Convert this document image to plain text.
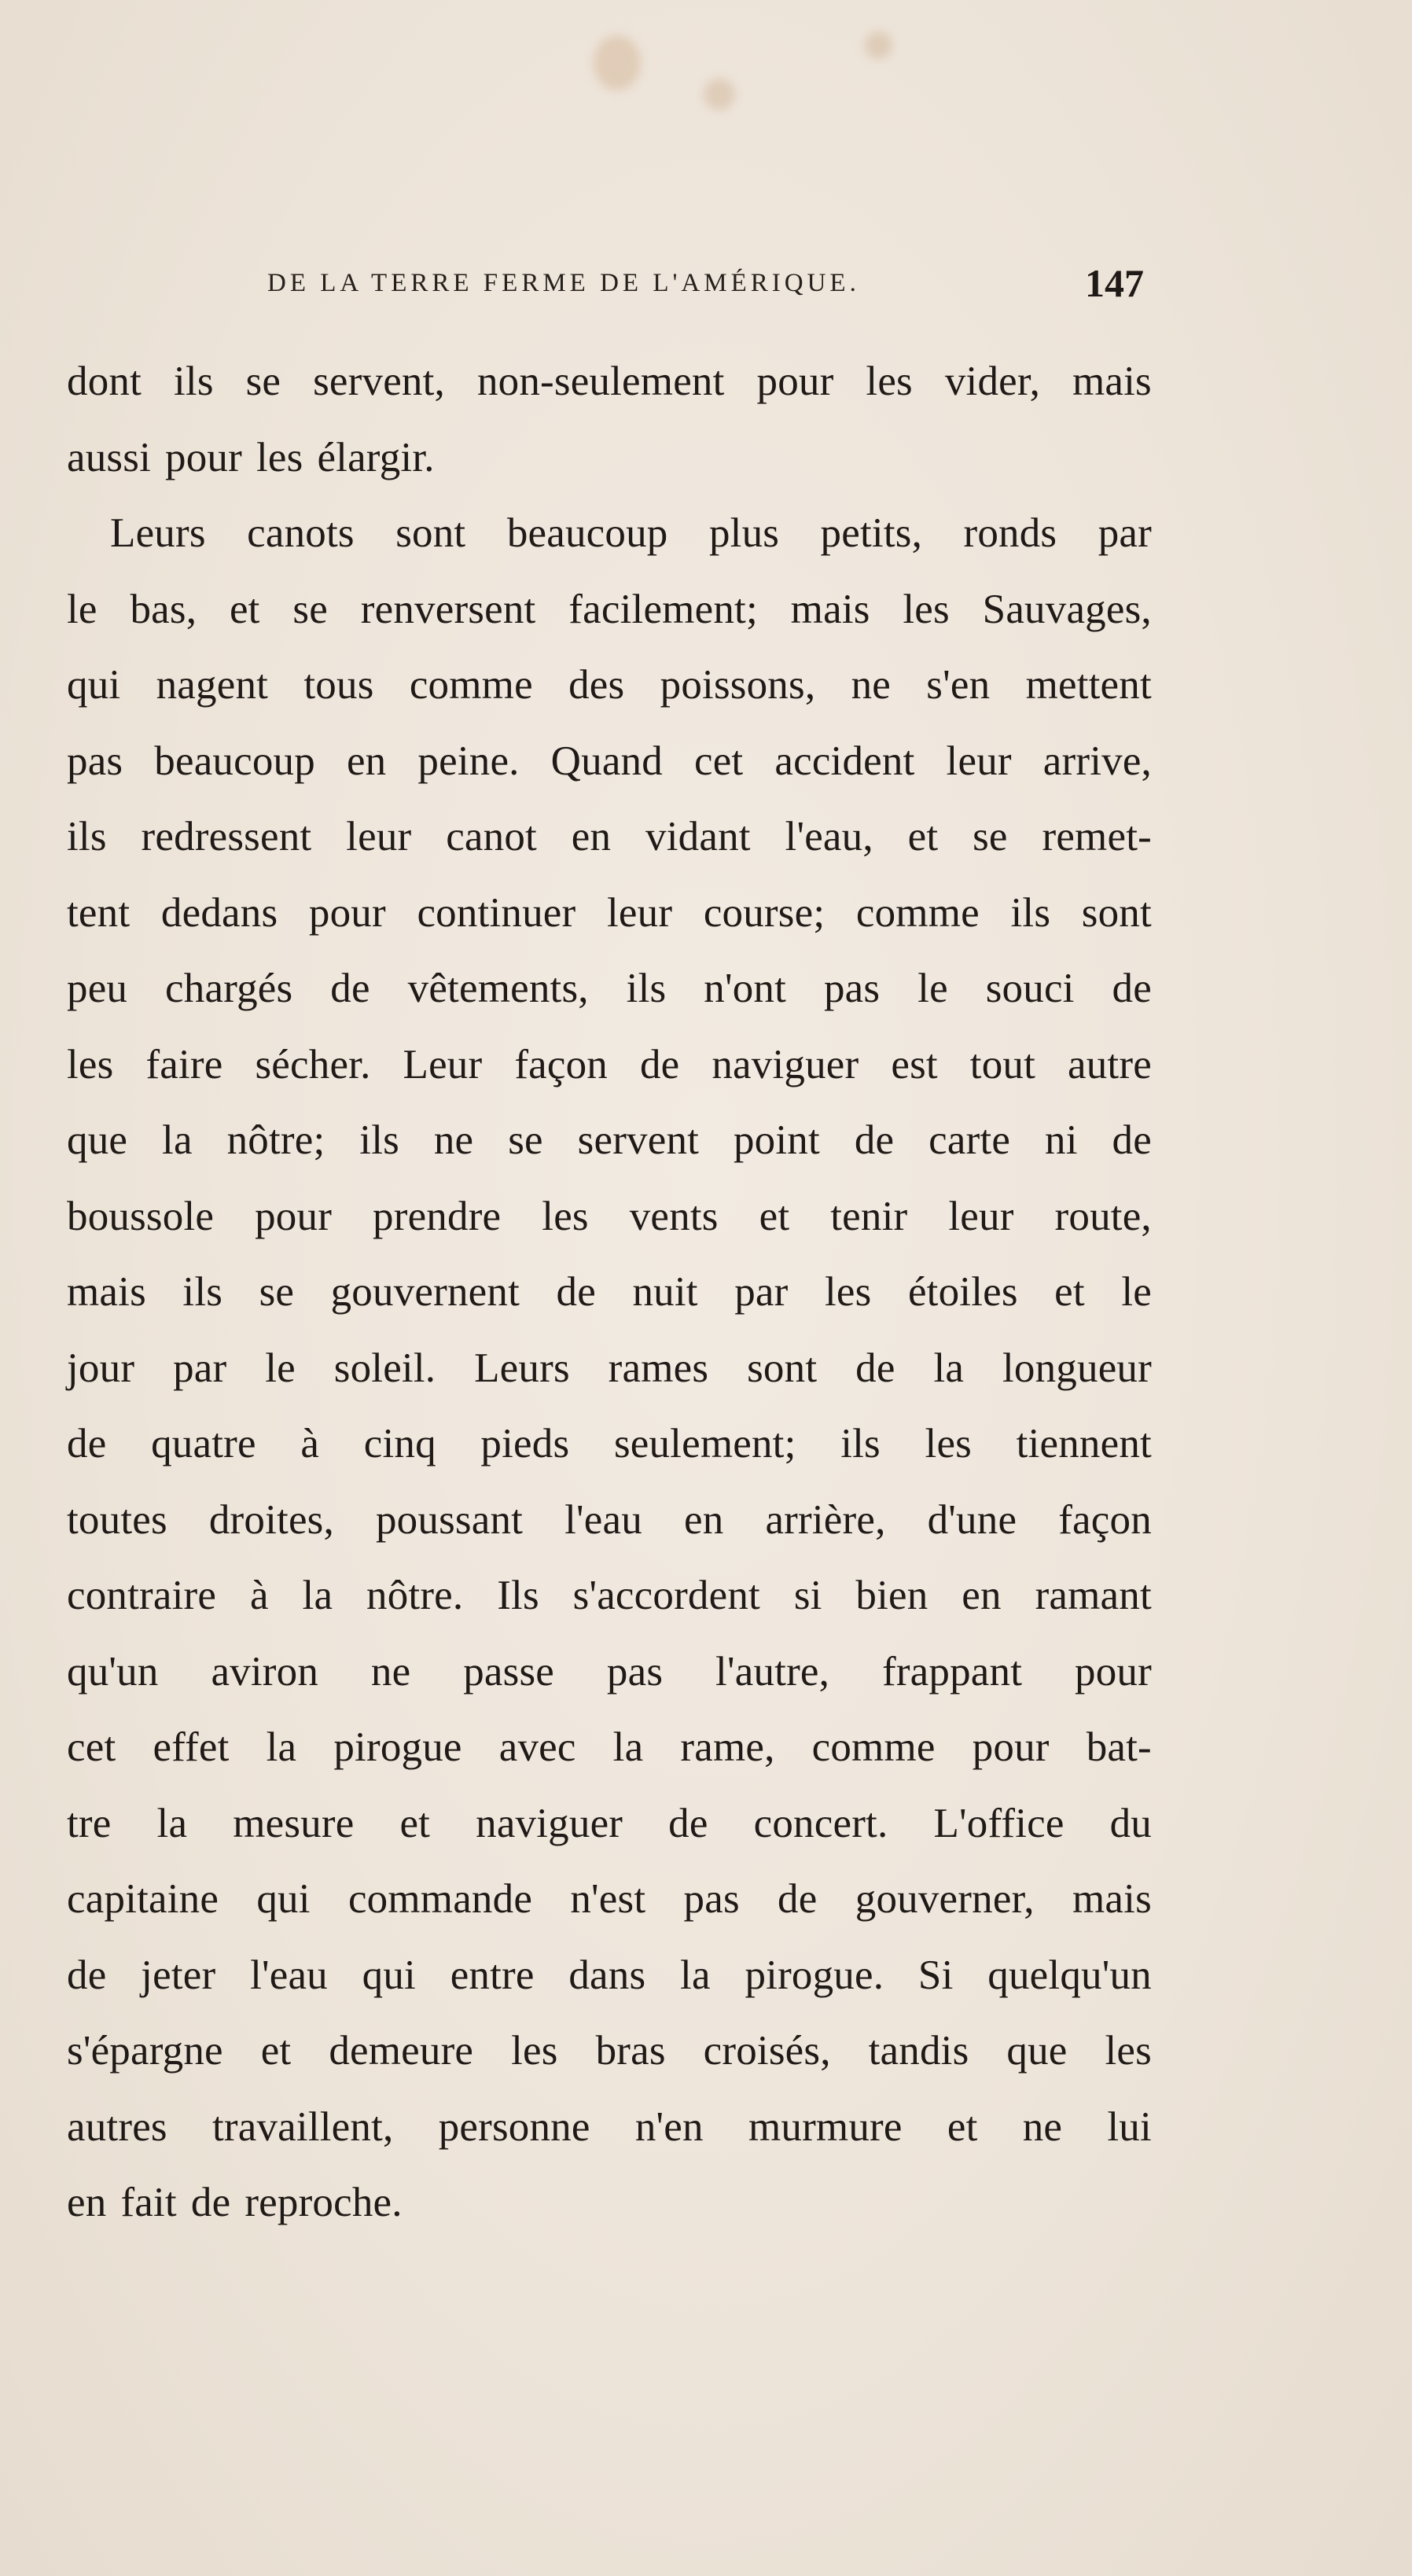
DE LA TERRE FERME DE L'AMÉRIQUE.	147
dont ils se servent, non-seulement pour les vider, mais
aussi pour les élargir.
Leurs canots sont beaucoup plus petits, ronds par
le bas, et se renversent facilement; mais les Sauvages,
qui nagent tous comme des poissons, ne s'en mettent
pas beaucoup en peine. Quand cet accident leur arrive,
ils redressent leur canot en vidant l'eau, et se remet-
tent dedans pour continuer leur course; comme ils sont
peu chargés de vêtements, ils n'ont pas le souci de
les faire sécher. Leur façon de naviguer est tout autre
que la nôtre; ils ne se servent point de carte ni de
boussole pour prendre les vents et tenir leur route,
mais ils se gouvernent de nuit par les étoiles et le
jour par le soleil. Leurs rames sont de la longueur
de quatre à cinq pieds seulement; ils les tiennent
toutes droites, poussant l'eau en arrière, d'une façon
contraire à la nôtre. Ils s'accordent si bien en ramant
qu'un aviron ne passe pas l'autre, frappant pour
cet effet la pirogue avec la rame, comme pour bat-
tre la mesure et naviguer de concert. L'office du
capitaine qui commande n'est pas de gouverner, mais
de jeter l'eau qui entre dans la pirogue. Si quelqu'un
s'épargne et demeure les bras croisés, tandis que les
autres travaillent, personne n'en murmure et ne lui
en fait de reproche.
